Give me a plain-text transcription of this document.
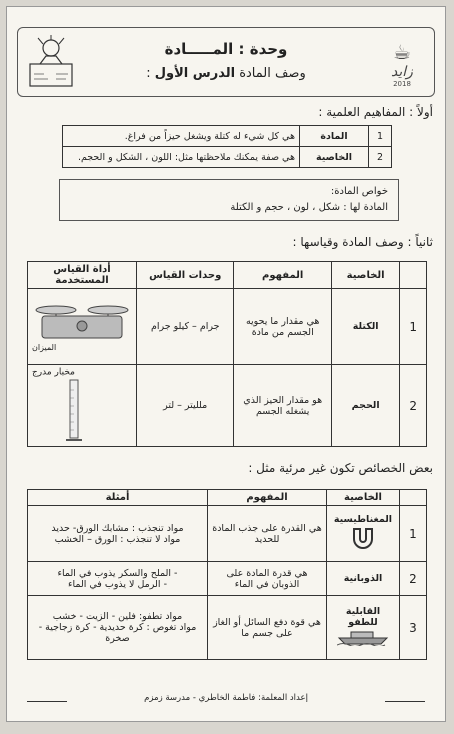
وحدة : المـــــادة
: وصف المادة الدرس الأول
☕
زايد
2018
أولاً : المفاهيم العلمية :
1	المادة	هي كل شيء له كتلة ويشغل حيزاً من فراغ.
2	الخاصية	هي صفة يمكنك ملاحظتها مثل: اللون ، الشكل و الحجم.
خواص المادة:
المادة لها : شكل ، لون ، حجم و الكتلة
ثانياً : وصف المادة وقياسها :
	الخاصية	المفهوم	وحدات القياس	أداة القياس المستخدمة
1	الكتلة	هي مقدار ما يحويه الجسم من مادة	جرام – كيلو جرام	الميزان

2	الحجم	هو مقدار الحيز الذي يشغله الجسم	ملليتر – لتر	مخبار مدرج
بعض الخصائص تكون غير مرئية مثل :
	الخاصية	المفهوم	أمثلة
1	المغناطيسية	هي القدرة على جذب المادة للحديد	مواد تنجذب : مشابك الورق- حديد
مواد لا تنجذب : الورق – الخشب

2	الذوبانية	هي قدرة المادة على الذوبان في الماء	- الملح والسكر يذوب في الماء
- الرمل لا يذوب في الماء

3	القابلية للطفو	هي قوة دفع السائل أو الغاز على جسم ما	مواد تطفو: فلين - الزيت - خشب
مواد تغوص : كرة حديدية - كرة زجاجية - صخرة
إعداد المعلمة: فاطمة الخاطري - مدرسة زمزم
